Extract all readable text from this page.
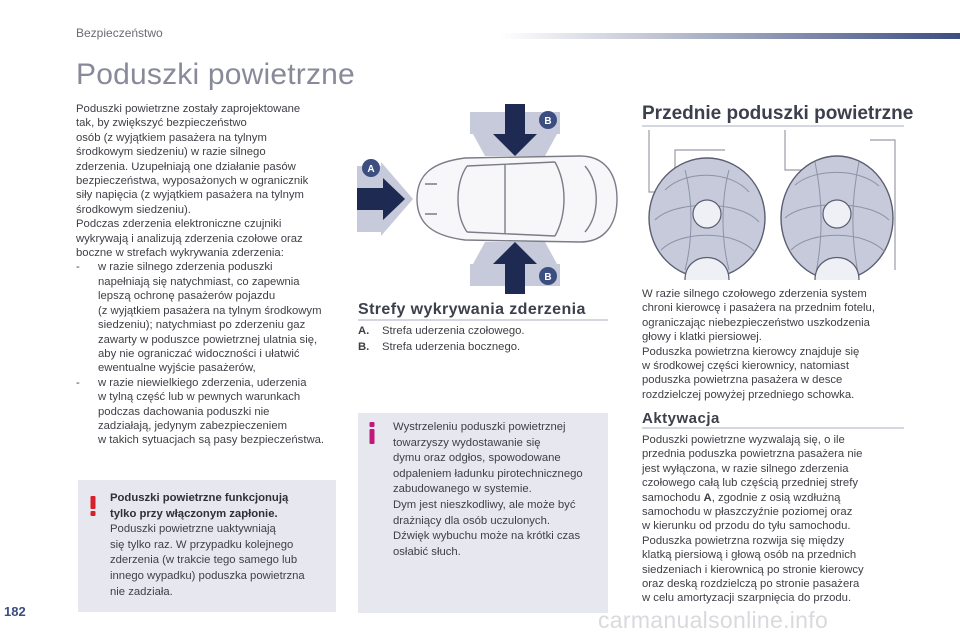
Bezpieczeństwo
Poduszki powietrzne

Poduszki powietrzne zostały zaprojektowane

tak, by zwiększyć bezpieczeństwo

osób (z wyjątkiem pasażera na tylnym

środkowym siedzeniu) w razie silnego

zderzenia. Uzupełniają one działanie pasów

bezpieczeństwa, wyposażonych w ogranicznik

siły napięcia (z wyjątkiem pasażera na tylnym

środkowym siedzeniu).

Podczas zderzenia elektroniczne czujniki

wykrywają i analizują zderzenia czołowe oraz

boczne w strefach wykrywania zderzenia:

-	w razie silnego zderzenia poduszki

napełniają się natychmiast, co zapewnia

lepszą ochronę pasażerów pojazdu

(z wyjątkiem pasażera na tylnym środkowym

siedzeniu); natychmiast po zderzeniu gaz

zawarty w poduszce powietrznej ulatnia się,

aby nie ograniczać widoczności i ułatwić

ewentualne wyjście pasażerów,

-	w razie niewielkiego zderzenia, uderzenia

w tylną część lub w pewnych warunkach

podczas dachowania poduszki nie

zadziałają, jedynym zabezpieczeniem

w takich sytuacjach są pasy bezpieczeństwa.

Poduszki powietrzne funkcjonują
tylko przy włączonym zapłonie.
Poduszki powietrzne uaktywniają
się tylko raz. W przypadku kolejnego
zderzenia (w trakcie tego samego lub
innego wypadku) poduszka powietrzna
nie zadziała.
B
B
A
Strefy wykrywania zderzenia
A. Strefa uderzenia czołowego.
B. Strefa uderzenia bocznego.
Wystrzeleniu poduszki powietrznej
towarzyszy wydostawanie się
dymu oraz odgłos, spowodowane
odpaleniem ładunku pirotechnicznego
zabudowanego w systemie.
Dym jest nieszkodliwy, ale może być
drażniący dla osób uczulonych.
Dźwięk wybuchu może na krótki czas
osłabić słuch.
Przednie poduszki powietrzne
W razie silnego czołowego zderzenia system
chroni kierowcę i pasażera na przednim fotelu,
ograniczając niebezpieczeństwo uszkodzenia
głowy i klatki piersiowej.
Poduszka powietrzna kierowcy znajduje się
w środkowej części kierownicy, natomiast
poduszka powietrzna pasażera w desce
rozdzielczej powyżej przedniego schowka.
Aktywacja
Poduszki powietrzne wyzwalają się, o ile
przednia poduszka powietrzna pasażera nie
jest wyłączona, w razie silnego zderzenia
czołowego całą lub częścią przedniej strefy
samochodu A, zgodnie z osią wzdłużną
samochodu w płaszczyźnie poziomej oraz
w kierunku od przodu do tyłu samochodu.
Poduszka powietrzna rozwija się między
klatką piersiową i głową osób na przednich
siedzeniach i kierownicą po stronie kierowcy
oraz deską rozdzielczą po stronie pasażera
w celu amortyzacji szarpnięcia do przodu.
182	carmanualsonline.info
